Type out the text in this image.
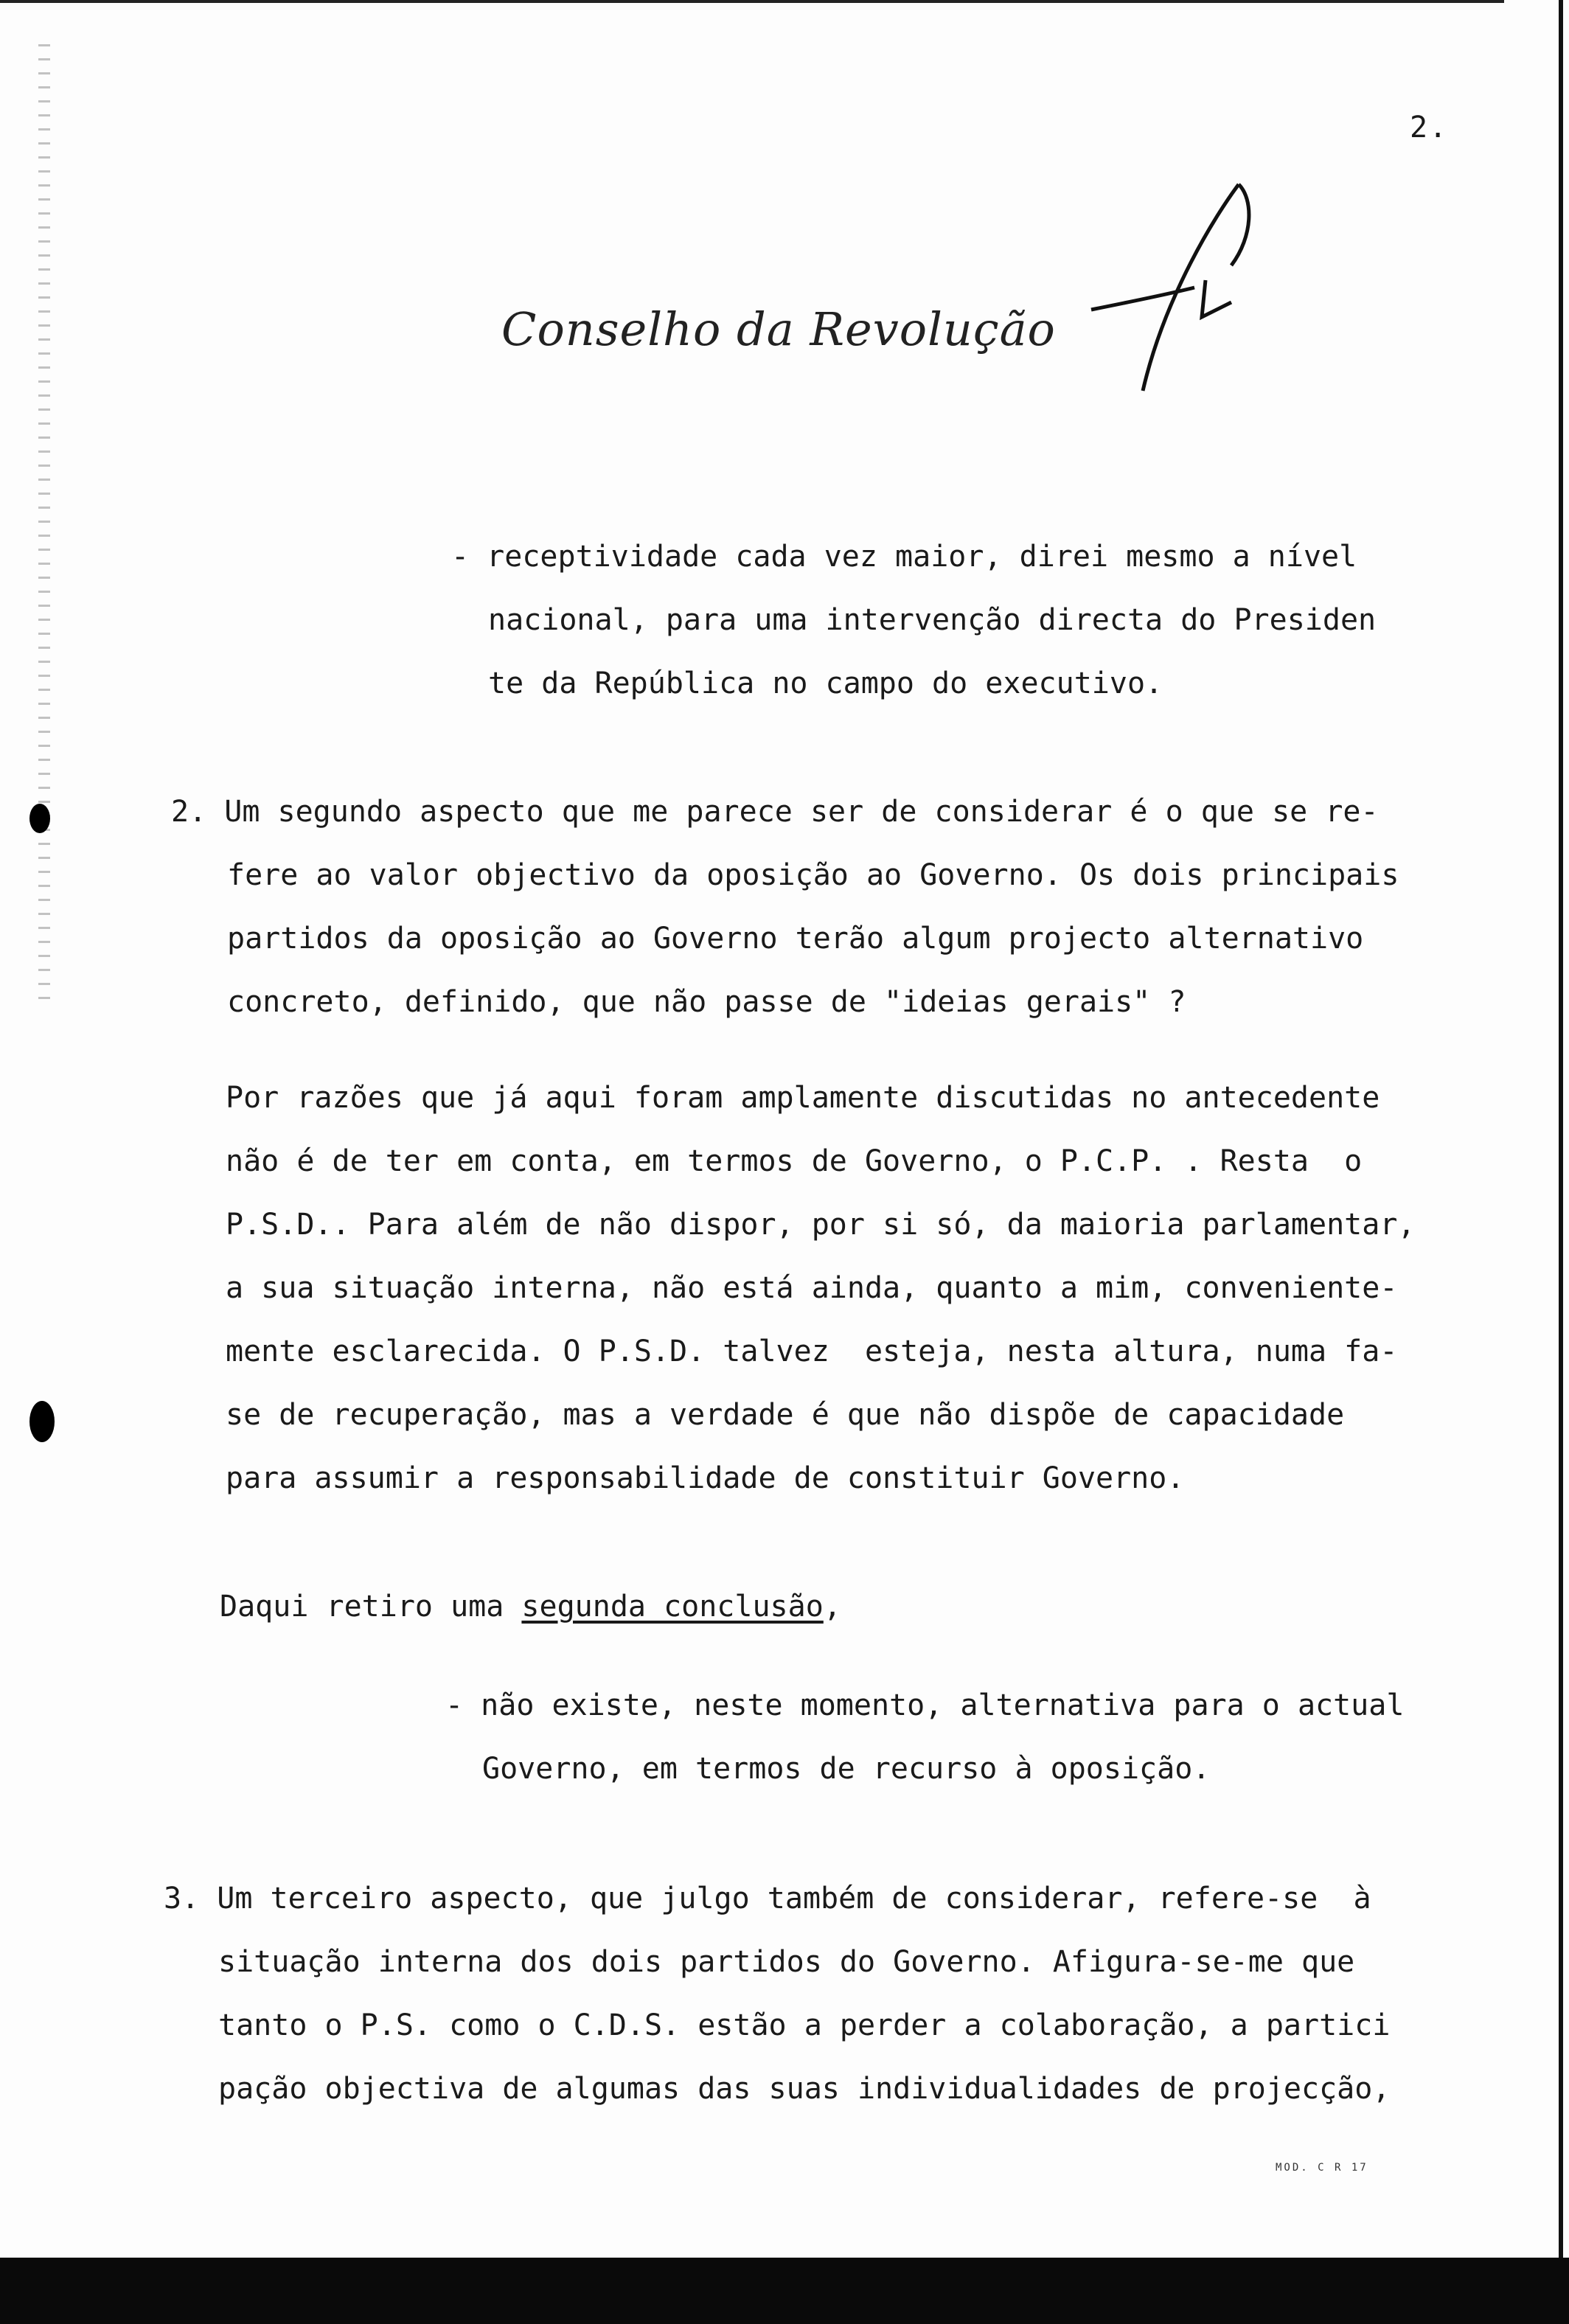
2.
Conselho da Revolução
- receptividade cada vez maior, direi mesmo a nível
nacional, para uma intervenção directa do Presiden
te da República no campo do executivo.
2. Um segundo aspecto que me parece ser de considerar é o que se re-
fere ao valor objectivo da oposição ao Governo. Os dois principais
partidos da oposição ao Governo terão algum projecto alternativo
concreto, definido, que não passe de "ideias gerais" ?
Por razões que já aqui foram amplamente discutidas no antecedente
não é de ter em conta, em termos de Governo, o P.C.P. . Resta  o
P.S.D.. Para além de não dispor, por si só, da maioria parlamentar,
a sua situação interna, não está ainda, quanto a mim, convenientе-
mente esclarecida. O P.S.D. talvez  esteja, nesta altura, numa fa-
se de recuperação, mas a verdade é que não dispõe de capacidade
para assumir a responsabilidade de constituir Governo.
Daqui retiro uma segunda conclusão,
- não existe, neste momento, alternativa para o actual
Governo, em termos de recurso à oposição.
3. Um terceiro aspecto, que julgo também de considerar, refere-se  à
situação interna dos dois partidos do Governo. Afigura-se-me que
tanto o P.S. como o C.D.S. estão a perder a colaboração, a partici
pação objectiva de algumas das suas individualidades de projecção,
MOD. C R 17
